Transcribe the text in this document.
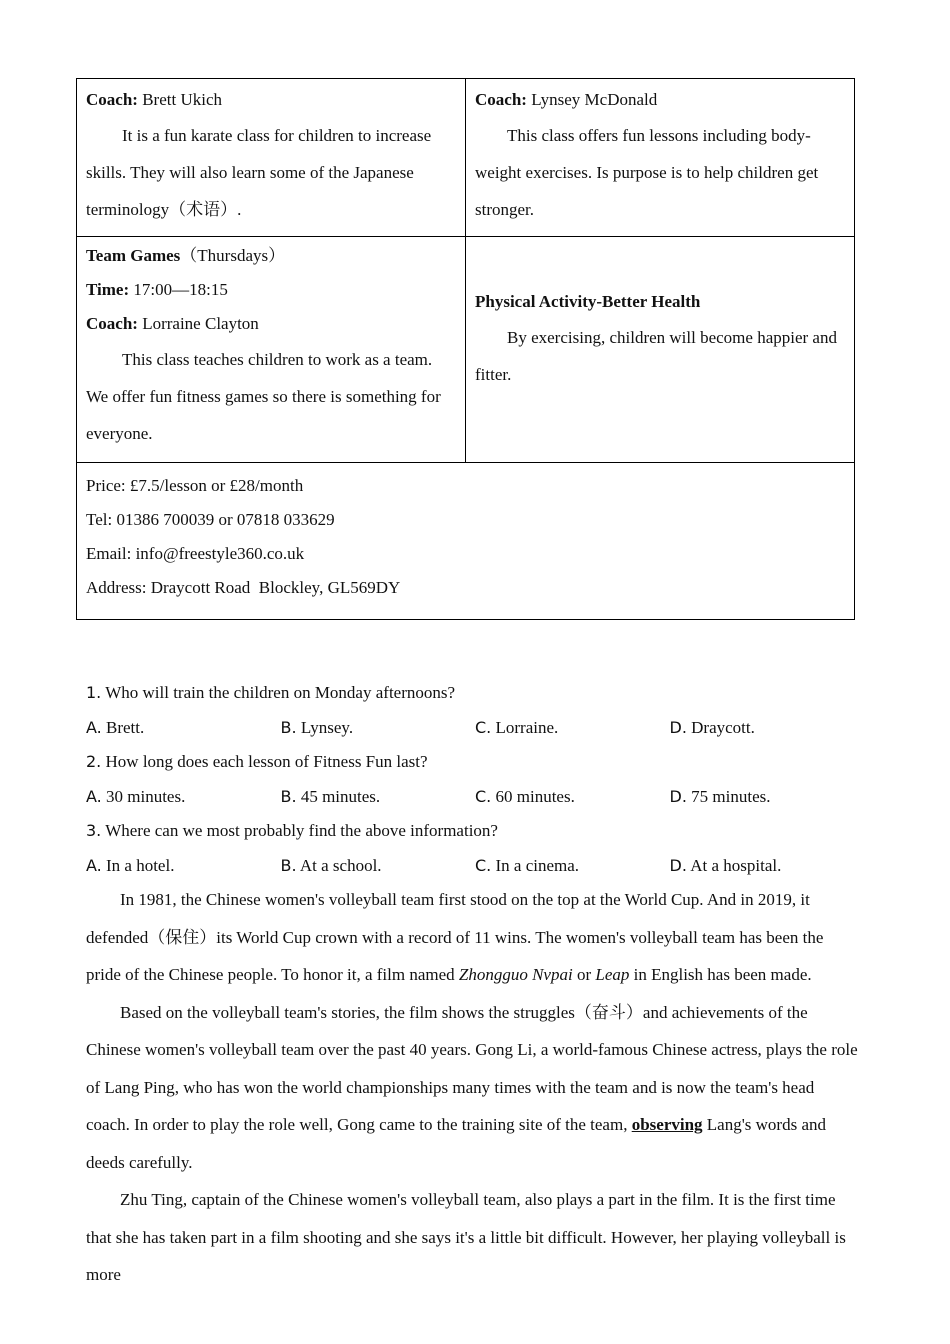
Coach: Brett Ukich
It is a fun karate class for children to increase skills. They will also learn some of the Japanese terminology（术语）.
Coach: Lynsey McDonald
This class offers fun lessons including body-weight exercises. Is purpose is to help children get stronger.
Team Games（Thursdays）
Time: 17:00—18:15
Coach: Lorraine Clayton
This class teaches children to work as a team. We offer fun fitness games so there is something for everyone.
Physical Activity-Better Health
By exercising, children will become happier and fitter.
Price: £7.5/lesson or £28/month
Tel: 01386 700039 or 07818 033629
Email: info@freestyle360.co.uk
Address: Draycott Road  Blockley, GL569DY
1. Who will train the children on Monday afternoons?
A. Brett.	B. Lynsey.	C. Lorraine.	D. Draycott.
2. How long does each lesson of Fitness Fun last?
A. 30 minutes.	B. 45 minutes.	C. 60 minutes.	D. 75 minutes.
3. Where can we most probably find the above information?
A. In a hotel.	B. At a school.	C. In a cinema.	D. At a hospital.

In 1981, the Chinese women's volleyball team first stood on the top at the World Cup. And in 2019, it defended（保住）its World Cup crown with a record of 11 wins. The women's volleyball team has been the pride of the Chinese people. To honor it, a film named Zhongguo Nvpai or Leap in English has been made.

Based on the volleyball team's stories, the film shows the struggles（奋斗）and achievements of the Chinese women's volleyball team over the past 40 years. Gong Li, a world-famous Chinese actress, plays the role of Lang Ping, who has won the world championships many times with the team and is now the team's head coach. In order to play the role well, Gong came to the training site of the team, observing Lang's words and deeds carefully.

Zhu Ting, captain of the Chinese women's volleyball team, also plays a part in the film. It is the first time that she has taken part in a film shooting and she says it's a little bit difficult. However, her playing volleyball is more
